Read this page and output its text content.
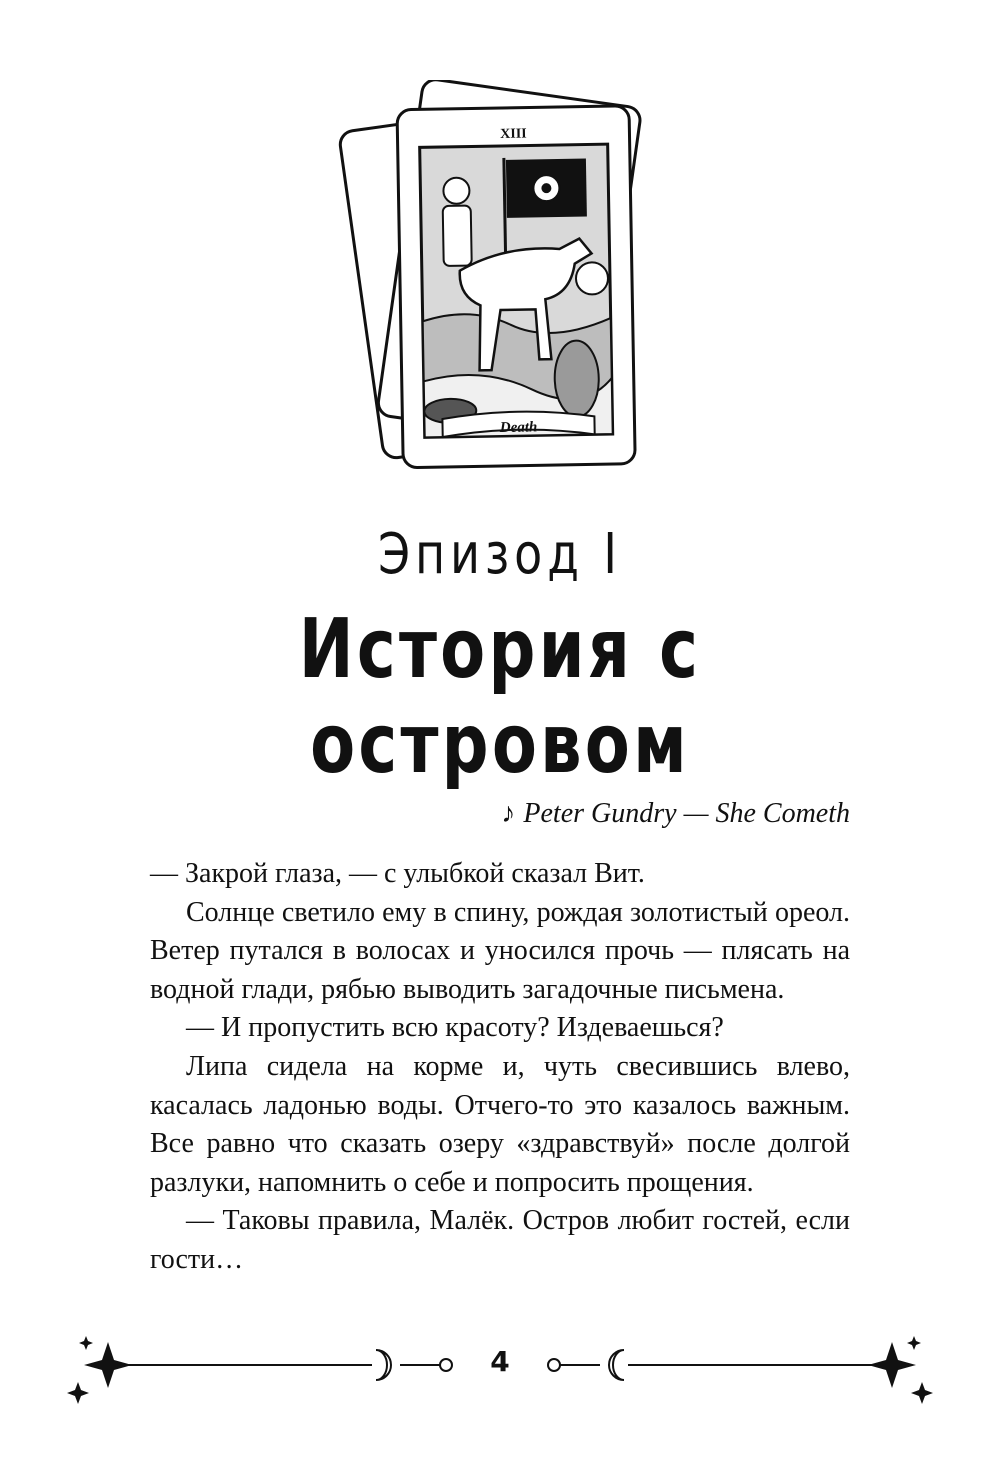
XIII
Death
Эпизод I
История с островом
♪ Peter Gundry — She Cometh

— Закрой глаза, — с улыбкой сказал Вит.

Солнце светило ему в спину, рождая золотистый ореол. Ветер путался в волосах и уносился прочь — плясать на водной глади, рябью выводить загадочные письмена.

— И пропустить всю красоту? Издеваешься?

Липа сидела на корме и, чуть свесившись влево, касалась ладонью воды. Отчего-то это казалось важным. Все равно что сказать озеру «здравствуй» после долгой разлуки, напомнить о себе и попросить прощения.

— Таковы правила, Малёк. Остров любит гостей, если гости…

4
